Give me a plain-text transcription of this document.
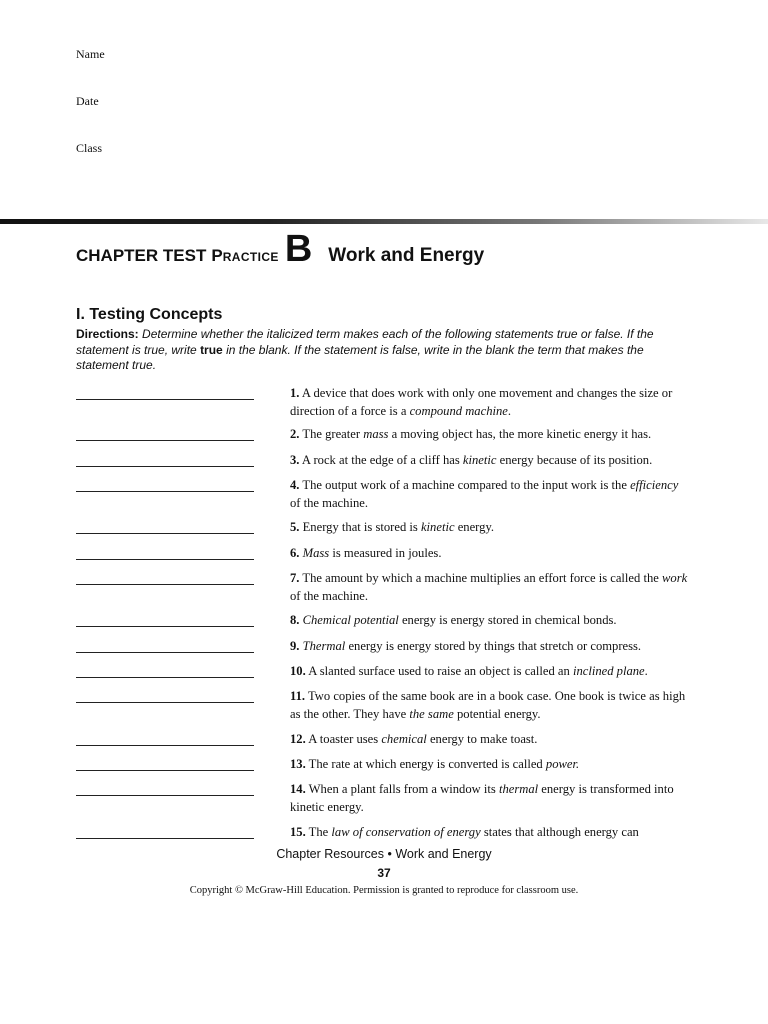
Name
Date
Class
CHAPTER TEST P RACTICE B Work and Energy
I. Testing Concepts
Directions: Determine whether the italicized term makes each of the following statements true or false. If the statement is true, write true in the blank. If the statement is false, write in the blank the term that makes the statement true.
1. A device that does work with only one movement and changes the size or direction of a force is a compound machine.
2. The greater mass a moving object has, the more kinetic energy it has.
3. A rock at the edge of a cliff has kinetic energy because of its position.
4. The output work of a machine compared to the input work is the efficiency of the machine.
5. Energy that is stored is kinetic energy.
6. Mass is measured in joules.
7. The amount by which a machine multiplies an effort force is called the work of the machine.
8. Chemical potential energy is energy stored in chemical bonds.
9. Thermal energy is energy stored by things that stretch or compress.
10. A slanted surface used to raise an object is called an inclined plane.
11. Two copies of the same book are in a book case. One book is twice as high as the other. They have the same potential energy.
12. A toaster uses chemical energy to make toast.
13. The rate at which energy is converted is called power.
14. When a plant falls from a window its thermal energy is transformed into kinetic energy.
15. The law of conservation of energy states that although energy can
Chapter Resources • Work and Energy
37
Copyright © McGraw-Hill Education. Permission is granted to reproduce for classroom use.
